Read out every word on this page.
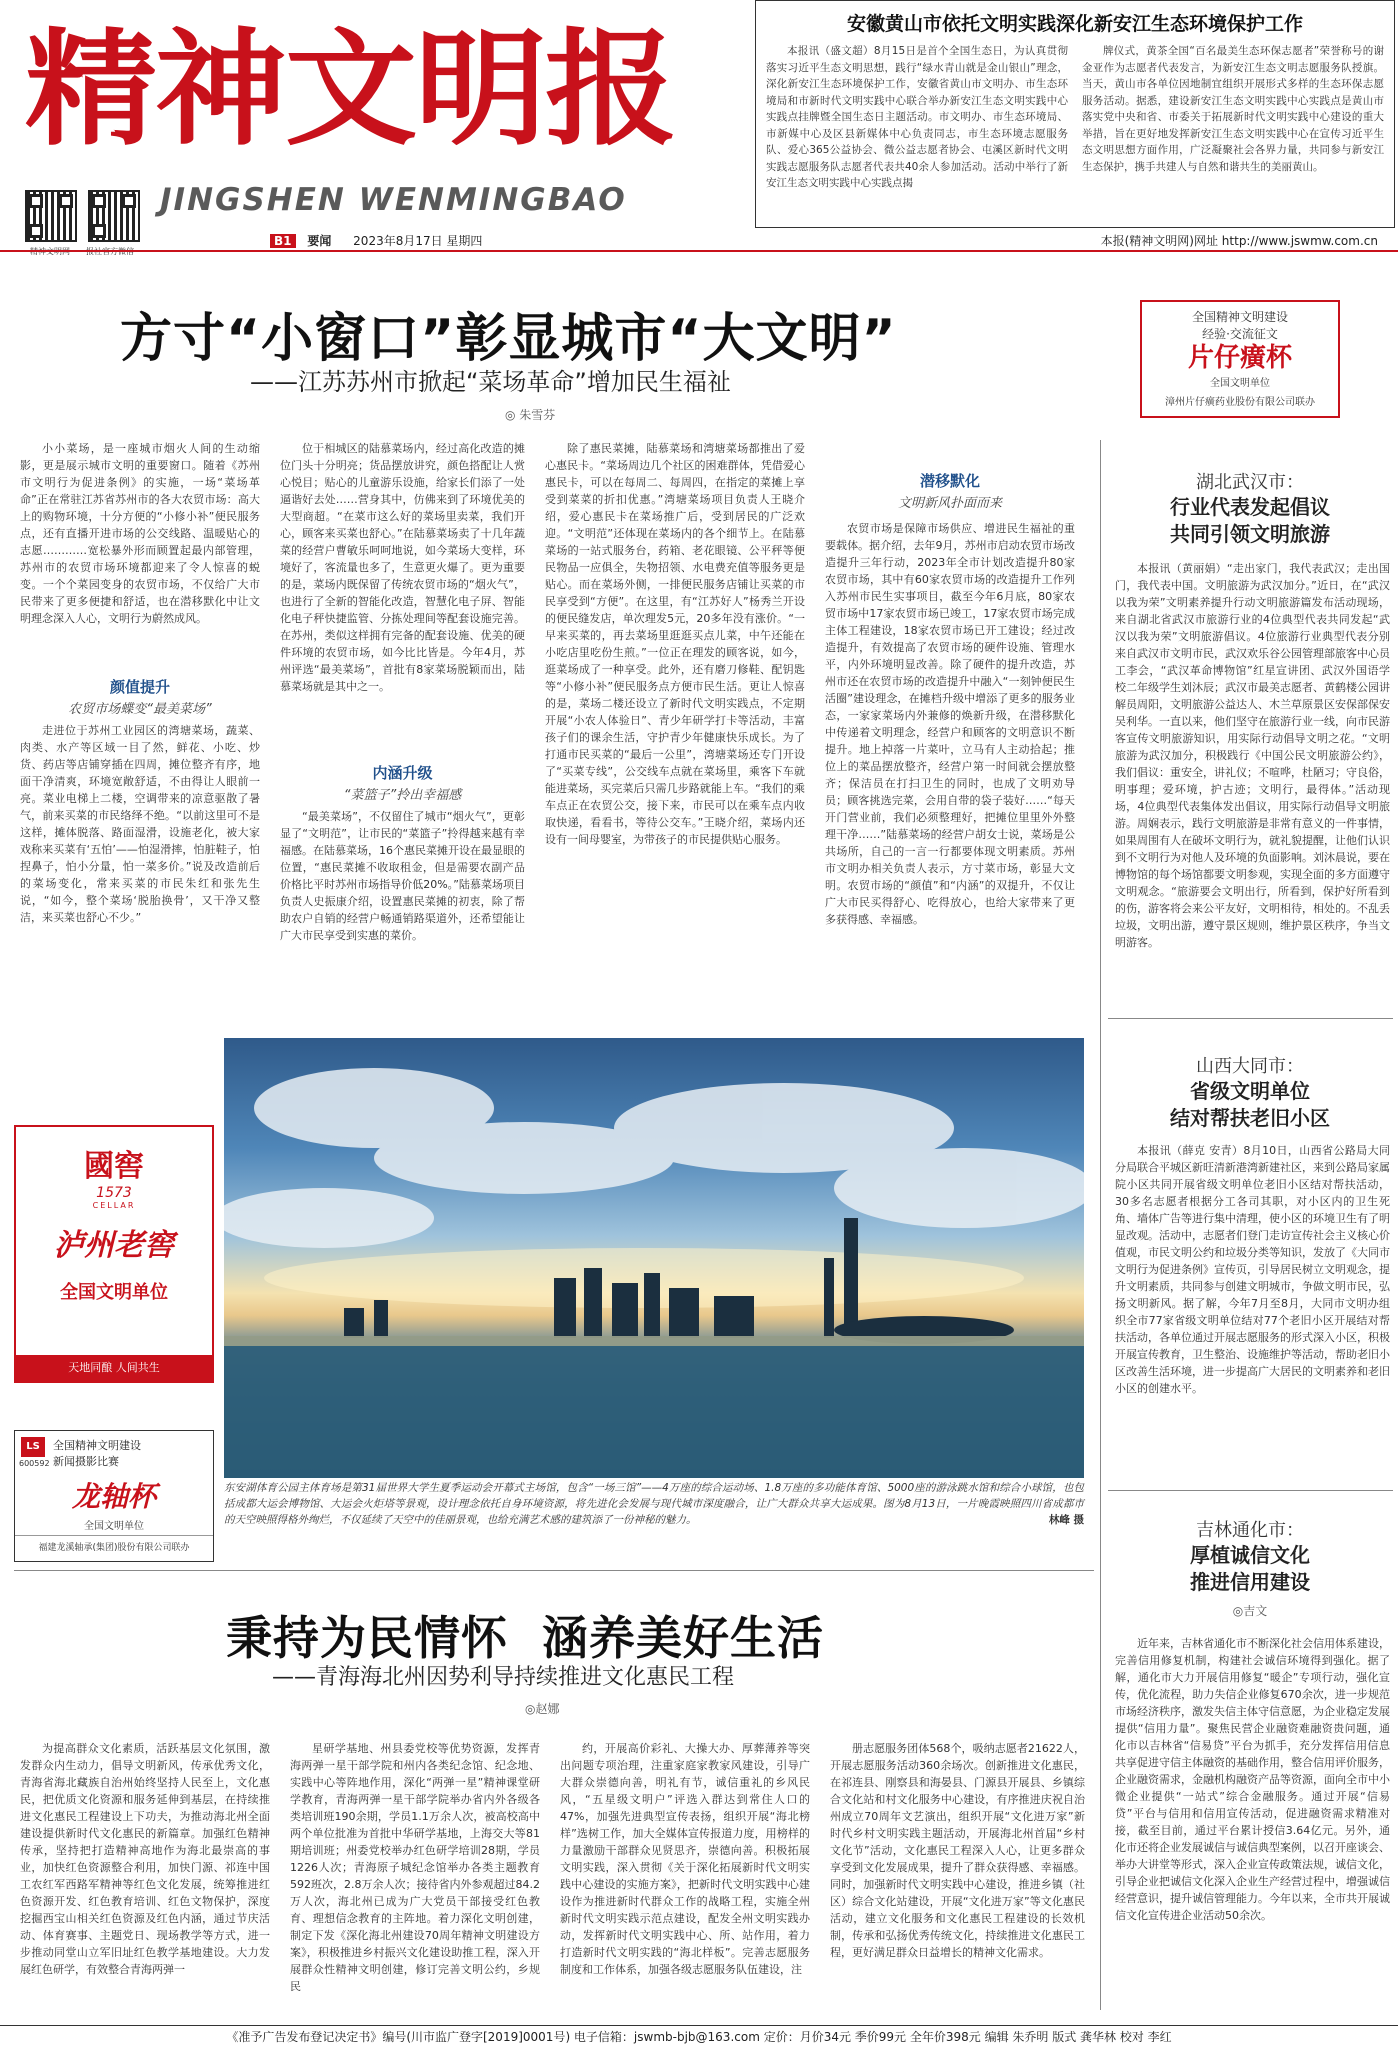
精神文明报
JINGSHEN WENMINGBAO
精神文明网 报社官方微信
安徽黄山市依托文明实践深化新安江生态环境保护工作

本报讯（盛文超）8月15日是首个全国生态日，为认真贯彻落实习近平生态文明思想，践行“绿水青山就是金山银山”理念，深化新安江生态环境保护工作，安徽省黄山市文明办、市生态环境局和市新时代文明实践中心联合举办新安江生态文明实践中心实践点挂牌暨全国生态日主题活动。市文明办、市生态环境局、市新媒中心及区县新媒体中心负责同志，市生态环境志愿服务队、爱心365公益协会、微公益志愿者协会、屯溪区新时代文明实践志愿服务队志愿者代表共40余人参加活动。活动中举行了新安江生态文明实践中心实践点揭

牌仪式，黄茶全国“百名最美生态环保志愿者”荣誉称号的谢金亚作为志愿者代表发言，为新安江生态文明志愿服务队授旗。当天，黄山市各单位因地制宜组织开展形式多样的生态环保志愿服务活动。据悉，建设新安江生态文明实践中心实践点是黄山市落实党中央和省、市委关于拓展新时代文明实践中心建设的重大举措，旨在更好地发挥新安江生态文明实践中心在宣传习近平生态文明思想方面作用，广泛凝聚社会各界力量，共同参与新安江生态保护，携手共建人与自然和谐共生的美丽黄山。

B1 要闻 2023年8月17日 星期四	本报(精神文明网)网址 http://www.jswmw.com.cn
方寸“小窗口”彰显城市“大文明”
——江苏苏州市掀起“菜场革命”增加民生福祉
◎ 朱雪芬
全国精神文明建设
经验·交流征文
片仔癀杯
全国文明单位
漳州片仔癀药业股份有限公司联办

小小菜场，是一座城市烟火人间的生动缩影，更是展示城市文明的重要窗口。随着《苏州市文明行为促进条例》的实施，一场“菜场革命”正在常驻江苏省苏州市的各大农贸市场：高大上的购物环境，十分方便的“小修小补”便民服务点，还有直播开进市场的公交线路、温暖贴心的志愿…………宽松暴外形而顾置起最内部管理，苏州市的农贸市场环境都迎来了令人惊喜的蜕变。一个个菜园变身的农贸市场，不仅给广大市民带来了更多便捷和舒适，也在潜移默化中让文明理念深入人心，文明行为蔚然成风。

颜值提升
农贸市场蝶变“最美菜场”

走进位于苏州工业园区的湾塘菜场，蔬菜、肉类、水产等区域一目了然，鲜花、小吃、炒货、药店等店铺穿插在四周，摊位整齐有序，地面干净清爽，环境宽敞舒适，不由得让人眼前一亮。菜业电梯上二楼，空调带来的凉意驱散了暑气，前来买菜的市民络绎不绝。“以前这里可不是这样，摊体脱落、路面湿滑，设施老化，被大家戏称来买菜有‘五怕’——怕湿滑摔，怕脏鞋子，怕捏鼻子，怕小分量，怕一菜多价。”说及改造前后的菜场变化，常来买菜的市民朱红和张先生说，“如今，整个菜场‘脱胎换骨’，又干净又整洁，来买菜也舒心不少。”

位于相城区的陆慕菜场内，经过高化改造的摊位门头十分明亮；货品摆放讲究，颜色搭配让人赏心悦目；贴心的儿童游乐设施，给家长们添了一处逼谐好去处……营身其中，仿佛来到了环境优美的大型商超。“在菜市这么好的菜场里卖菜，我们开心，顾客来买菜也舒心。”在陆慕菜场卖了十几年蔬菜的经营户曹敏乐呵呵地说，如今菜场大变样，环境好了，客流量也多了，生意更火爆了。更为重要的是，菜场内既保留了传统农贸市场的“烟火气”，也进行了全新的智能化改造，智慧化电子屏、智能化电子秤快捷监管、分拣处理间等配套设施完善。在苏州，类似这样拥有完备的配套设施、优美的硬件环境的农贸市场，如今比比皆是。今年4月，苏州评选“最美菜场”，首批有8家菜场脱颖而出，陆慕菜场就是其中之一。

内涵升级
“菜篮子”拎出幸福感

“最美菜场”，不仅留住了城市“烟火气”，更彰显了“文明范”，让市民的“菜篮子”拎得越来越有幸福感。在陆慕菜场，16个惠民菜摊开设在最显眼的位置，“惠民菜摊不收取租金，但是需要农副产品价格比平时苏州市场指导价低20%。”陆慕菜场项目负责人史振康介绍，设置惠民菜摊的初衷，除了帮助农户自销的经营户畅通销路渠道外，还希望能让广大市民享受到实惠的菜价。

除了惠民菜摊，陆慕菜场和湾塘菜场都推出了爱心惠民卡。“菜场周边几个社区的困难群体，凭借爱心惠民卡，可以在每周二、每周四，在指定的菜摊上享受到菜菜的折扣优惠。”湾塘菜场项目负责人王晓介绍，爱心惠民卡在菜场推广后，受到居民的广泛欢迎。“文明范”还体现在菜场内的各个细节上。在陆慕菜场的一站式服务台，药箱、老花眼镜、公平秤等便民物品一应俱全，失物招领、水电费充值等服务更是贴心。而在菜场外侧，一排便民服务店铺让买菜的市民享受到“方便”。在这里，有“江苏好人”杨秀兰开设的便民缝发店，单次理发5元，20多年没有涨价。“一早来买菜的，再去菜场里逛逛买点儿菜，中午还能在小吃店里吃份生煎。”一位正在理发的顾客说，如今，逛菜场成了一种享受。此外，还有磨刀修鞋、配钥匙等“小修小补”便民服务点方便市民生活。更让人惊喜的是，菜场二楼还设立了新时代文明实践点，不定期开展“小农人体验日”、青少年研学打卡等活动，丰富孩子们的课余生活，守护青少年健康快乐成长。为了打通市民买菜的“最后一公里”，湾塘菜场还专门开设了“买菜专线”，公交线车点就在菜场里，乘客下车就能进菜场，买完菜后只需几步路就能上车。“我们的乘车点正在农贸公交，接下来，市民可以在乘车点内收取快递，看看书，等待公交车。”王晓介绍，菜场内还设有一间母婴室，为带孩子的市民提供贴心服务。

潜移默化
文明新风扑面而来

农贸市场是保障市场供应、增进民生福祉的重要载体。据介绍，去年9月，苏州市启动农贸市场改造提升三年行动，2023年全市计划改造提升80家农贸市场，其中有60家农贸市场的改造提升工作列入苏州市民生实事项目，截至今年6月底，80家农贸市场中17家农贸市场已竣工，17家农贸市场完成主体工程建设，18家农贸市场已开工建设；经过改造提升，有效提高了农贸市场的硬件设施、管理水平，内外环境明显改善。除了硬件的提升改造，苏州市还在农贸市场的改造提升中融入“一刻钟便民生活圈”建设理念，在摊档升级中增添了更多的服务业态，一家家菜场内外兼修的焕新升级，在潜移默化中传递着文明理念，经营户和顾客的文明意识不断提升。地上掉落一片菜叶，立马有人主动拾起；推位上的菜品摆放整齐，经营户第一时间就会摆放整齐；保洁员在打扫卫生的同时，也成了文明劝导员；顾客挑选完菜，会用自带的袋子装好……“每天开门营业前，我们必须整理好，把摊位里里外外整理干净……”陆慕菜场的经营户胡女士说，菜场是公共场所，自己的一言一行都要体现文明素质。苏州市文明办相关负责人表示，方寸菜市场，彰显大文明。农贸市场的“颜值”和“内涵”的双提升，不仅让广大市民买得舒心、吃得放心，也给大家带来了更多获得感、幸福感。

湖北武汉市：
行业代表发起倡议
共同引领文明旅游

本报讯（黄丽娟）“走出家门，我代表武汉；走出国门，我代表中国。文明旅游为武汉加分。”近日，在“武汉以我为荣”文明素养提升行动文明旅游篇发布活动现场，来自湖北省武汉市旅游行业的4位典型代表共同发起“武汉以我为荣”文明旅游倡议。4位旅游行业典型代表分别来自武汉市文明市民，武汉欢乐谷公园管理部旅客中心员工李会，“武汉革命博物馆”红星宣讲团、武汉外国语学校二年级学生刘沐辰；武汉市最美志愿者、黄鹤楼公园讲解员周阳，文明旅游公益达人、木兰草原景区安保部保安吴利华。一直以来，他们坚守在旅游行业一线，向市民游客宣传文明旅游知识，用实际行动倡导文明之花。“文明旅游为武汉加分，积极践行《中国公民文明旅游公约》，我们倡议：重安全，讲礼仪；不喧哗，杜陋习；守良俗，明事理；爱环境，护古迹；文明行，最得体。”活动现场，4位典型代表集体发出倡议，用实际行动倡导文明旅游。周娴表示，践行文明旅游是非常有意义的一件事情，如果周围有人在破坏文明行为，就礼貌提醒，让他们认识到不文明行为对他人及环境的负面影响。刘沐晨说，要在博物馆的每个场馆都要文明参观，实现全面的多方面遵守文明观念。“旅游要会文明出行，所看到，保护好所看到的伤，游客将会来公平友好，文明相待，相处的。不乱丢垃圾，文明出游，遵守景区规则，维护景区秩序，争当文明游客。

山西大同市：
省级文明单位
结对帮扶老旧小区

本报讯（薛克 安青）8月10日，山西省公路局大同分局联合平城区新旺清新港湾新建社区，来到公路局家属院小区共同开展省级文明单位老旧小区结对帮扶活动，30多名志愿者根据分工各司其职，对小区内的卫生死角、墙体广告等进行集中清理，使小区的环境卫生有了明显改观。活动中，志愿者们登门走访宣传社会主义核心价值观，市民文明公约和垃圾分类等知识，发放了《大同市文明行为促进条例》宣传页，引导居民树立文明观念，提升文明素质，共同参与创建文明城市，争做文明市民，弘扬文明新风。据了解，今年7月至8月，大同市文明办组织全市77家省级文明单位结对77个老旧小区开展结对帮扶活动，各单位通过开展志愿服务的形式深入小区，积极开展宣传教育，卫生整治、设施维护等活动，帮助老旧小区改善生活环境，进一步提高广大居民的文明素养和老旧小区的创建水平。

吉林通化市：
厚植诚信文化
推进信用建设
◎吉文

近年来，吉林省通化市不断深化社会信用体系建设，完善信用修复机制，构建社会诚信环境得到强化。据了解，通化市大力开展信用修复“暖企”专项行动，强化宣传，优化流程，助力失信企业修复670余次，进一步规范市场经济秩序，激发失信主体守信意愿，为企业稳定发展提供“信用力量”。聚焦民营企业融资难融资贵问题，通化市以吉林省“信易贷”平台为抓手，充分发挥信用信息共享促进守信主体融资的基础作用，整合信用评价服务，企业融资需求，金融机构融资产品等资源，面向全市中小微企业提供“一站式”综合金融服务。通过开展“信易贷”平台与信用和信用宣传活动，促进融资需求精准对接，截至目前，通过平台累计授信3.64亿元。另外，通化市还将企业发展诚信与诚信典型案例，以召开座谈会、举办大讲堂等形式，深入企业宣传政策法规，诚信文化，引导企业把诚信文化深入企业生产经营过程中，增强诚信经营意识，提升诚信管理能力。今年以来，全市共开展诚信文化宣传进企业活动50余次。

國窖
1573
CELLAR
泸州老窖
全国文明单位
天地同酿 人间共生
LS
600592
全国精神文明建设
新闻摄影比赛
龙轴杯
全国文明单位
福建龙溪轴承(集团)股份有限公司联办
东安湖体育公园主体育场是第31届世界大学生夏季运动会开幕式主场馆，包含“一场三馆”——4万座的综合运动场、1.8万座的多功能体育馆、5000座的游泳跳水馆和综合小球馆，也包括成都大运会博物馆、大运会火炬塔等景观，设计理念依托自身环境资源，将先进化会发展与现代城市深度融合，让广大群众共享大运成果。图为8月13日，一片晚霞映照四川省成都市的天空映照得格外绚烂，不仅延续了天空中的佳丽景观，也给充满艺术感的建筑添了一份神秘的魅力。	林峰 摄
秉持为民情怀  涵养美好生活
——青海海北州因势利导持续推进文化惠民工程
◎赵娜

为提高群众文化素质，活跃基层文化氛围，激发群众内生动力，倡导文明新风，传承优秀文化，青海省海北藏族自治州始终坚持人民至上，文化惠民，把优质文化资源和服务延伸到基层，在持续推进文化惠民工程建设上下功夫，为推动海北州全面建设提供新时代文化惠民的新篇章。加强红色精神传承，坚持把打造精神高地作为海北最崇高的事业，加快红色资源整合利用，加快门源、祁连中国工农红军西路军精神等红色文化发展，统筹推进红色资源开发、红色教育培训、红色文物保护，深度挖掘西宝山相关红色资源及红色内涵，通过节庆活动、体育赛事、主题党日、现场教学等方式，进一步推动同堂山立军旧址红色教学基地建设。大力发展红色研学，有效整合青海两弹一

星研学基地、州县委党校等优势资源，发挥青海两弹一星干部学院和州内各类纪念馆、纪念地、实践中心等阵地作用，深化“两弹一星”精神课堂研学教育，青海两弹一星干部学院举办省内外各级各类培训班190余期，学员1.1万余人次，被高校高中两个单位批准为首批中华研学基地，上海交大等81期培训班；州委党校举办红色研学培训28期，学员1226人次；青海原子城纪念馆举办各类主题教育592班次，2.8万余人次；接待省内外参观超过84.2万人次，海北州已成为广大党员干部接受红色教育、理想信念教育的主阵地。着力深化文明创建，制定下发《深化海北州建设70周年精神文明建设方案》，积极推进乡村振兴文化建设助推工程，深入开展群众性精神文明创建，修订完善文明公约，乡规民

约，开展高价彩礼、大操大办、厚葬薄养等突出问题专项治理，注重家庭家教家风建设，引导广大群众崇德向善，明礼有节，诚信重礼的乡风民风，“五星级文明户”评选入群达到常住人口的47%，加强先进典型宣传表扬，组织开展“海北榜样”选树工作，加大全媒体宣传报道力度，用榜样的力量激励干部群众见贤思齐，崇德向善。积极拓展文明实践，深入贯彻《关于深化拓展新时代文明实践中心建设的实施方案》，把新时代文明实践中心建设作为推进新时代群众工作的战略工程，实施全州新时代文明实践示范点建设，配发全州文明实践办动，发挥新时代文明实践中心、所、站作用，着力打造新时代文明实践的“海北样板”。完善志愿服务制度和工作体系，加强各级志愿服务队伍建设，注

册志愿服务团体568个，吸纳志愿者21622人，开展志愿服务活动360余场次。创新推进文化惠民，在祁连县、刚察县和海晏县、门源县开展县、乡镇综合文化站和村文化服务中心建设，有序推进庆祝自治州成立70周年文艺演出，组织开展“文化进万家”新时代乡村文明实践主题活动，开展海北州首届“乡村文化节”活动，文化惠民工程深入人心，让更多群众享受到文化发展成果，提升了群众获得感、幸福感。同时，加强新时代文明实践中心建设，推进乡镇（社区）综合文化站建设，开展“文化进万家”等文化惠民活动，建立文化服务和文化惠民工程建设的长效机制，传承和弘扬优秀传统文化，持续推进文化惠民工程，更好满足群众日益增长的精神文化需求。

《准予广告发布登记决定书》编号(川市监广登字[2019]0001号) 电子信箱：jswmb-bjb@163.com 定价：月价34元 季价99元 全年价398元 编辑 朱乔明 版式 龚华林 校对 李红
